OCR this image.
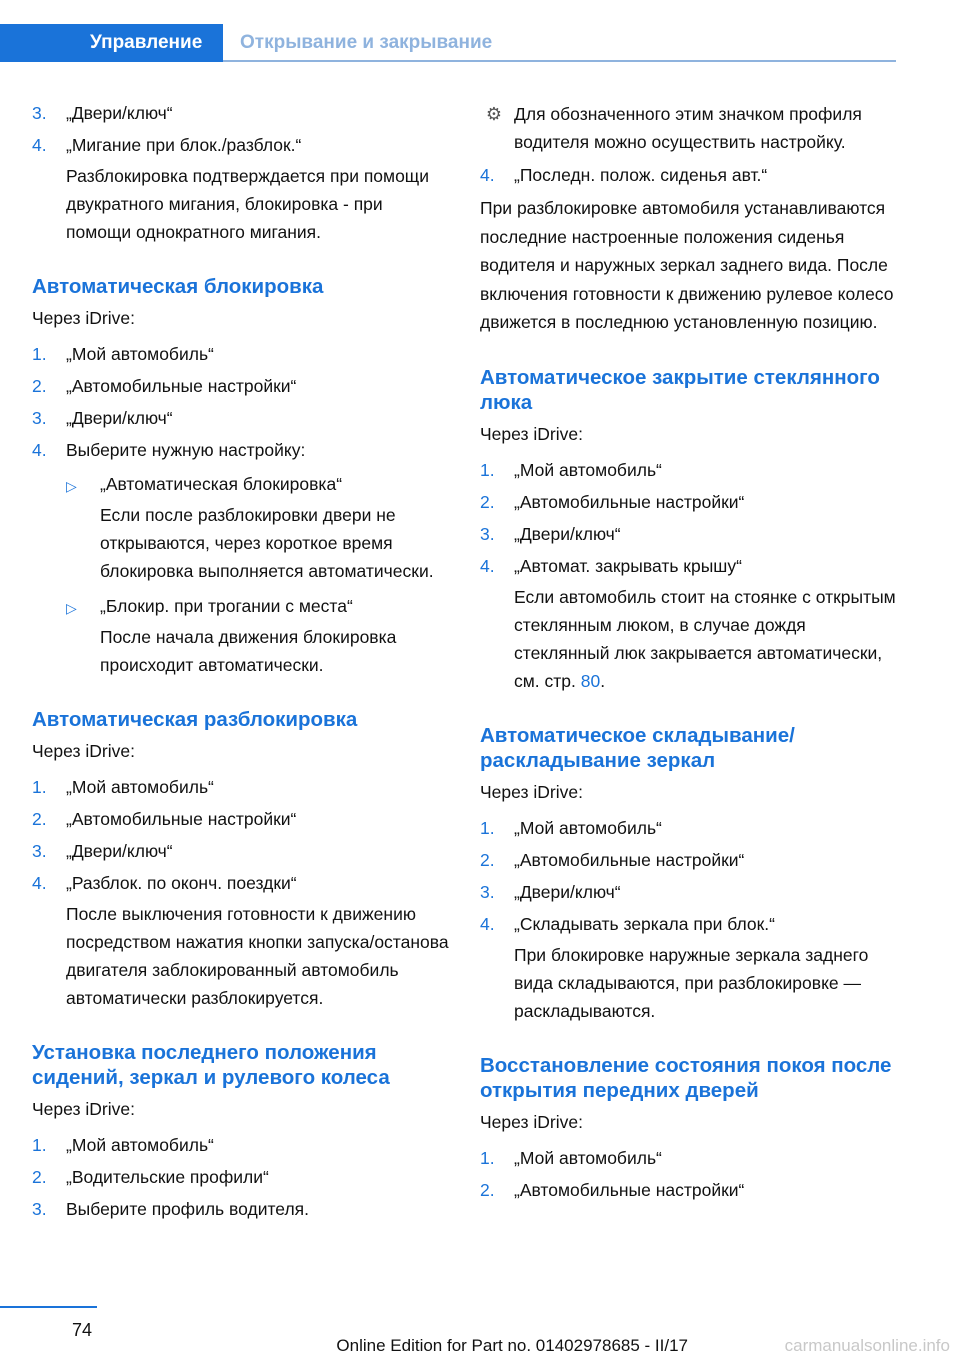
Управление	Открывание и закрывание
3. „Двери/ключ“
4. „Мигание при блок./разблок.“
Разблокировка подтверждается при помощи двукратного мигания, блокировка - при помощи однократного мигания.
Автоматическая блокировка
Через iDrive:
1. „Мой автомобиль“
2. „Автомобильные настройки“
3. „Двери/ключ“
4. Выберите нужную настройку:
▷ „Автоматическая блокировка“
Если после разблокировки двери не открываются, через короткое время блокировка выполняется автоматически.
▷ „Блокир. при трогании с места“
После начала движения блокировка происходит автоматически.
Автоматическая разблокировка
Через iDrive:
1. „Мой автомобиль“
2. „Автомобильные настройки“
3. „Двери/ключ“
4. „Разблок. по оконч. поездки“
После выключения готовности к движению посредством нажатия кнопки запуска/останова двигателя заблокированный автомобиль автоматически разблокируется.
Установка последнего положения сидений, зеркал и рулевого колеса
Через iDrive:
1. „Мой автомобиль“
2. „Водительские профили“
3. Выберите профиль водителя.
⚙ Для обозначенного этим значком профиля водителя можно осуществить настройку.
4. „Последн. полож. сиденья авт.“
При разблокировке автомобиля устанавливаются последние настроенные положения сиденья водителя и наружных зеркал заднего вида. После включения готовности к движению рулевое колесо движется в последнюю установленную позицию.
Автоматическое закрытие стеклянного люка
Через iDrive:
1. „Мой автомобиль“
2. „Автомобильные настройки“
3. „Двери/ключ“
4. „Автомат. закрывать крышу“
Если автомобиль стоит на стоянке с открытым стеклянным люком, в случае дождя стеклянный люк закрывается автоматически, см. стр. 80.
Автоматическое складывание/ раскладывание зеркал
Через iDrive:
1. „Мой автомобиль“
2. „Автомобильные настройки“
3. „Двери/ключ“
4. „Складывать зеркала при блок.“
При блокировке наружные зеркала заднего вида складываются, при разблокировке — раскладываются.
Восстановление состояния покоя после открытия передних дверей
Через iDrive:
1. „Мой автомобиль“
2. „Автомобильные настройки“
74
Online Edition for Part no. 01402978685 - II/17	carmanualsonline.info
